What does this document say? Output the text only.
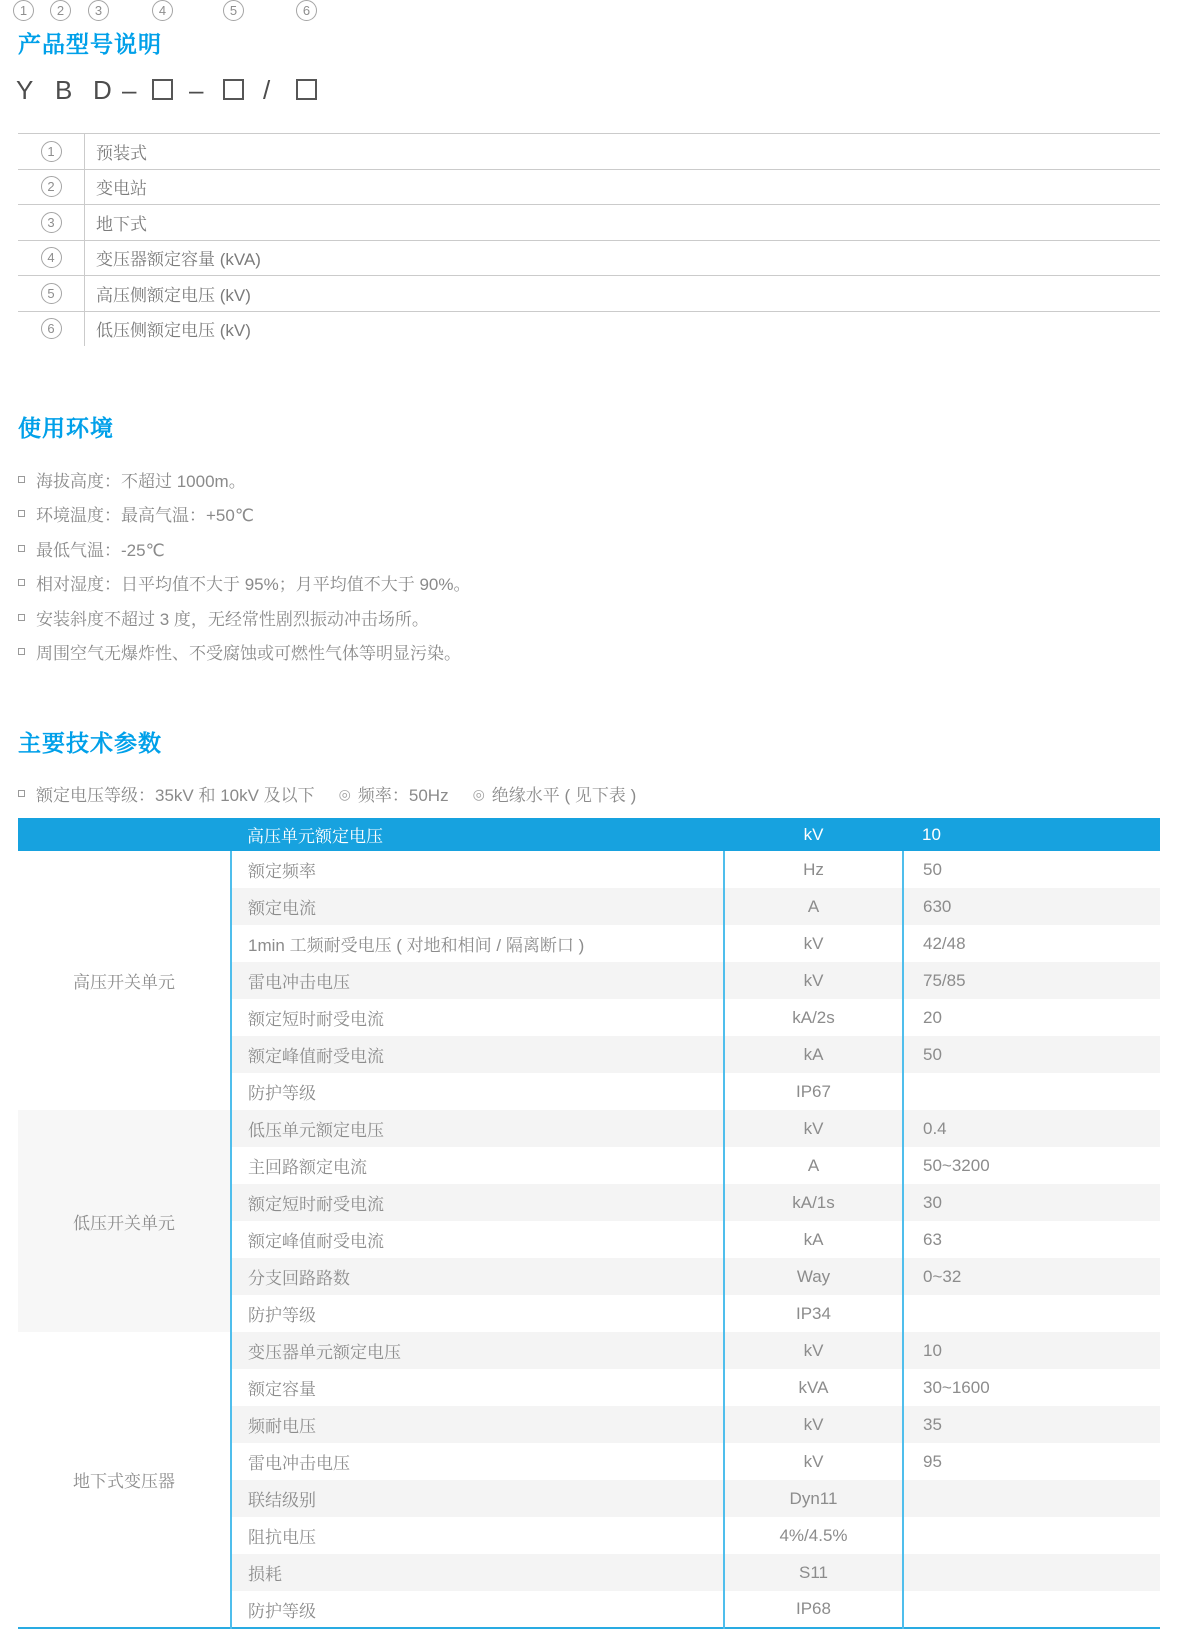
产品型号说明
Y B D – – /
1	2	3	4	5	6
1	预装式
2	变电站
3	地下式
4	变压器额定容量 (kVA)
5	高压侧额定电压 (kV)
6	低压侧额定电压 (kV)
使用环境
海拔高度：不超过 1000m。
环境温度：最高气温：+50℃
最低气温：-25℃
相对湿度：日平均值不大于 95%；月平均值不大于 90%。
安装斜度不超过 3 度，无经常性剧烈振动冲击场所。
周围空气无爆炸性、不受腐蚀或可燃性气体等明显污染。
主要技术参数
额定电压等级：35kV 和 10kV 及以下 ◎ 频率：50Hz ◎ 绝缘水平 ( 见下表 )
	高压单元额定电压	kV	10
高压开关单元	额定频率	Hz	50
	额定电流	A	630
	1min 工频耐受电压 ( 对地和相间 / 隔离断口 )	kV	42/48
	雷电冲击电压	kV	75/85
	额定短时耐受电流	kA/2s	20
	额定峰值耐受电流	kA	50
	防护等级	IP67	
低压开关单元	低压单元额定电压	kV	0.4
	主回路额定电流	A	50~3200
	额定短时耐受电流	kA/1s	30
	额定峰值耐受电流	kA	63
	分支回路路数	Way	0~32
	防护等级	IP34	
地下式变压器	变压器单元额定电压	kV	10
	额定容量	kVA	30~1600
	频耐电压	kV	35
	雷电冲击电压	kV	95
	联结级别	Dyn11	
	阻抗电压	4%/4.5%	
	损耗	S11	
	防护等级	IP68	
